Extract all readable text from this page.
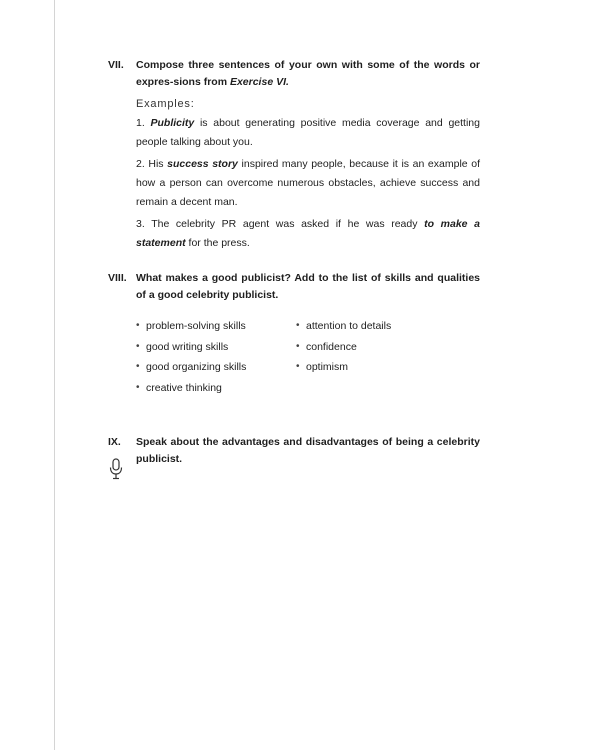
VII. Compose three sentences of your own with some of the words or expres-sions from Exercise VI.
Examples:
1. Publicity is about generating positive media coverage and getting people talking about you.
2. His success story inspired many people, because it is an example of how a person can overcome numerous obstacles, achieve success and remain a decent man.
3. The celebrity PR agent was asked if he was ready to make a statement for the press.
VIII. What makes a good publicist? Add to the list of skills and qualities of a good celebrity publicist.
• problem-solving skills	• attention to details
• good writing skills	• confidence
• good organizing skills	• optimism
• creative thinking
IX. Speak about the advantages and disadvantages of being a celebrity publicist.
